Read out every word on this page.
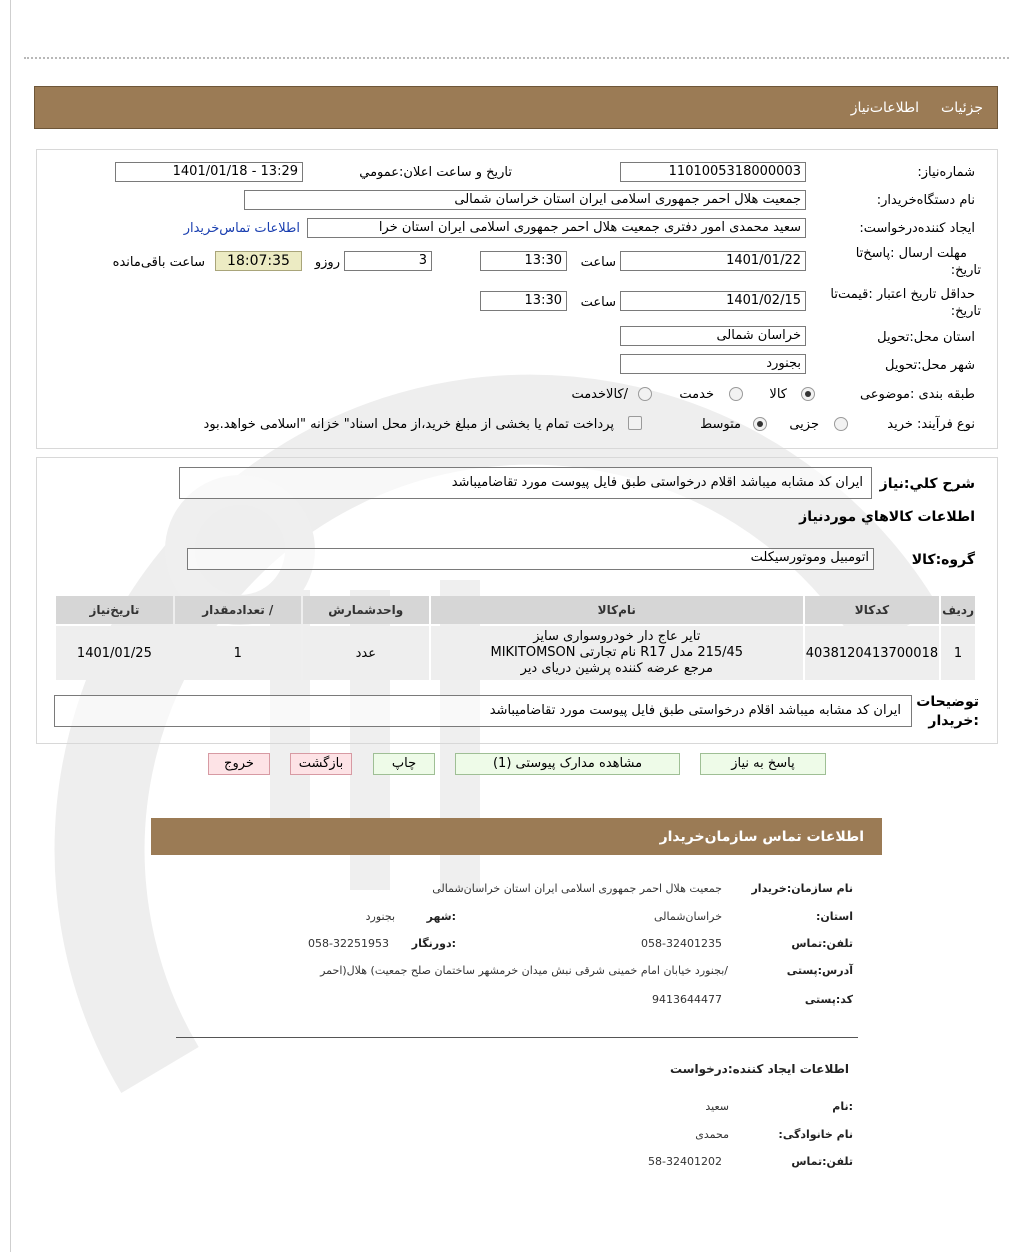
جزئیات
اطلاعات‌نیاز
شماره‌نیاز:
1101005318000003
تاریخ و ساعت اعلان:عمومي
1401/01/18 - 13:29
نام دستگاه‌خریدار:
جمعیت هلال احمر جمهوری اسلامی ایران استان خراسان شمالی
ایجاد کننده‌درخواست:
سعید محمدی امور دفتری جمعیت هلال احمر جمهوری اسلامی ایران استان خرا
اطلاعات تماس‌خریدار
مهلت ارسال :پاسخ‌تا
تاریخ:
1401/01/22
ساعت
13:30
3
روزو
18:07:35
ساعت باقی‌مانده
حداقل تاریخ اعتبار :قیمت‌تا
تاریخ:
1401/02/15
ساعت
13:30
استان محل:تحویل
خراسان شمالی
شهر محل:تحویل
بجنورد
طبقه بندی :موضوعی
کالا
خدمت
/کالاخدمت
نوع فرآیند: خرید
جزیی
متوسط
پرداخت تمام یا بخشی از مبلغ خرید،از محل اسناد" خزانه "اسلامی خواهد.بود
شرح کلي:نیاز
ایران کد مشابه میباشد اقلام درخواستی طبق فایل پیوست مورد تقاضامیباشد
اطلاعات کالاهاي موردنياز
گروه:کالا
اتومبیل وموتورسیکلت
ردیف	کدکالا	نام‌کالا	واحدشمارش	/ تعدادمقدار	تاریخ‌نیاز
1	4038120413700018	تایر عاج دار خودروسواری سایز
215/45 مدل R17 نام تجارتی MIKITOMSON
مرجع عرضه کننده پرشین دریای دیر	عدد	1	1401/01/25
توضیحات
:خریدار
ایران کد مشابه میباشد اقلام درخواستی طبق فایل پیوست مورد تقاضامیباشد
پاسخ به نیاز
مشاهده مدارک پیوستی (1)
چاپ
بازگشت
خروج
اطلاعات تماس سازمان‌خریدار
نام سازمان:خریدار
جمعیت هلال احمر جمهوری اسلامی ایران استان خراسان‌شمالی
استان:
خراسان‌شمالی
:شهر
بجنورد
تلفن:تماس
058-32401235
:دورنگار
058-32251953
آدرس:پستی
/بجنورد خیابان امام خمینی شرقی نبش میدان خرمشهر ساختمان صلح جمعیت) هلال(احمر
کد:پستی
9413644477
اطلاعات ایجاد کننده:درخواست
:نام
سعید
نام خانوادگی:
محمدی
تلفن:تماس
58-32401202
